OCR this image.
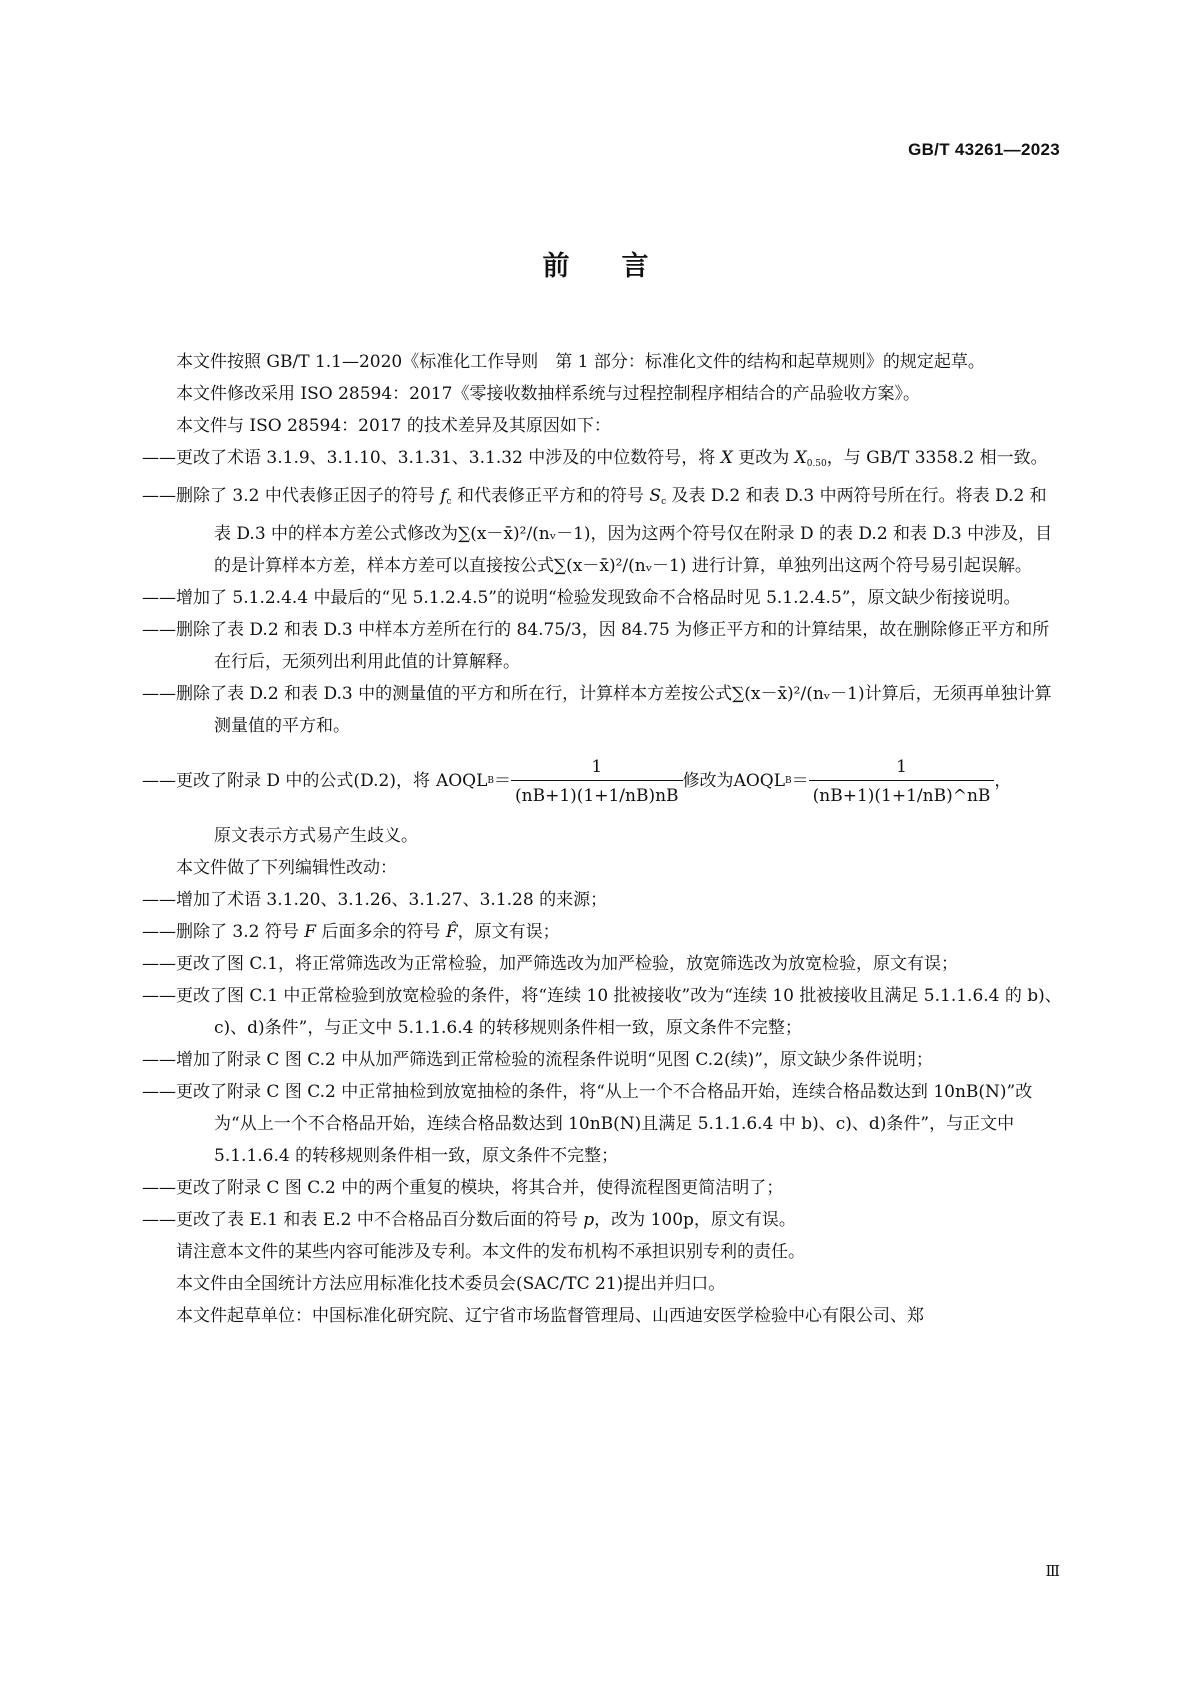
GB/T 43261—2023
前言

本文件按照 GB/T 1.1—2020《标准化工作导则　第 1 部分：标准化文件的结构和起草规则》的规定起草。

本文件修改采用 ISO 28594：2017《零接收数抽样系统与过程控制程序相结合的产品验收方案》。

本文件与 ISO 28594：2017 的技术差异及其原因如下：

——更改了术语 3.1.9、3.1.10、3.1.31、3.1.32 中涉及的中位数符号，将 X 更改为 $X_{0.50}$，与 GB/T 3358.2 相一致。

——删除了 3.2 中代表修正因子的符号 $f_c$ 和代表修正平方和的符号 $S_c$ 及表 D.2 和表 D.3 中两符号所在行。将表 D.2 和表 D.3 中的样本方差公式修改为∑(x－x̄)²/(nᵥ－1)，因为这两个符号仅在附录 D 的表 D.2 和表 D.3 中涉及，目的是计算样本方差，样本方差可以直接按公式∑(x－x̄)²/(nᵥ－1) 进行计算，单独列出这两个符号易引起误解。

——增加了 5.1.2.4.4 中最后的“见 5.1.2.4.5”的说明“检验发现致命不合格品时见 5.1.2.4.5”，原文缺少衔接说明。

——删除了表 D.2 和表 D.3 中样本方差所在行的 84.75/3，因 84.75 为修正平方和的计算结果，故在删除修正平方和所在行后，无须列出利用此值的计算解释。

——删除了表 D.2 和表 D.3 中的测量值的平方和所在行，计算样本方差按公式∑(x－x̄)²/(nᵥ－1)计算后，无须再单独计算测量值的平方和。

——更改了附录 D 中的公式(D.2)，将 AOQL $B = \frac{1}{(nB+1)(1+1/nB)nB}$ 修改为 AOQL $B = \frac{1}{(nB+1)(1+1/nB)\^{}nB}$ ，

原文表示方式易产生歧义。

本文件做了下列编辑性改动：

——增加了术语 3.1.20、3.1.26、3.1.27、3.1.28 的来源；

——删除了 3.2 符号 F 后面多余的符号 F̂，原文有误；

——更改了图 C.1，将正常筛选改为正常检验，加严筛选改为加严检验，放宽筛选改为放宽检验，原文有误；

——更改了图 C.1 中正常检验到放宽检验的条件，将“连续 10 批被接收”改为“连续 10 批被接收且满足 5.1.1.6.4 的 b)、c)、d)条件”，与正文中 5.1.1.6.4 的转移规则条件相一致，原文条件不完整；

——增加了附录 C 图 C.2 中从加严筛选到正常检验的流程条件说明“见图 C.2(续)”，原文缺少条件说明；

——更改了附录 C 图 C.2 中正常抽检到放宽抽检的条件，将“从上一个不合格品开始，连续合格品数达到 10nB(N)”改为“从上一个不合格品开始，连续合格品数达到 10nB(N)且满足 5.1.1.6.4 中 b)、c)、d)条件”，与正文中 5.1.1.6.4 的转移规则条件相一致，原文条件不完整；

——更改了附录 C 图 C.2 中的两个重复的模块，将其合并，使得流程图更简洁明了；

——更改了表 E.1 和表 E.2 中不合格品百分数后面的符号 p，改为 100p，原文有误。

请注意本文件的某些内容可能涉及专利。本文件的发布机构不承担识别专利的责任。

本文件由全国统计方法应用标准化技术委员会(SAC/TC 21)提出并归口。

本文件起草单位：中国标准化研究院、辽宁省市场监督管理局、山西迪安医学检验中心有限公司、郑

Ⅲ
